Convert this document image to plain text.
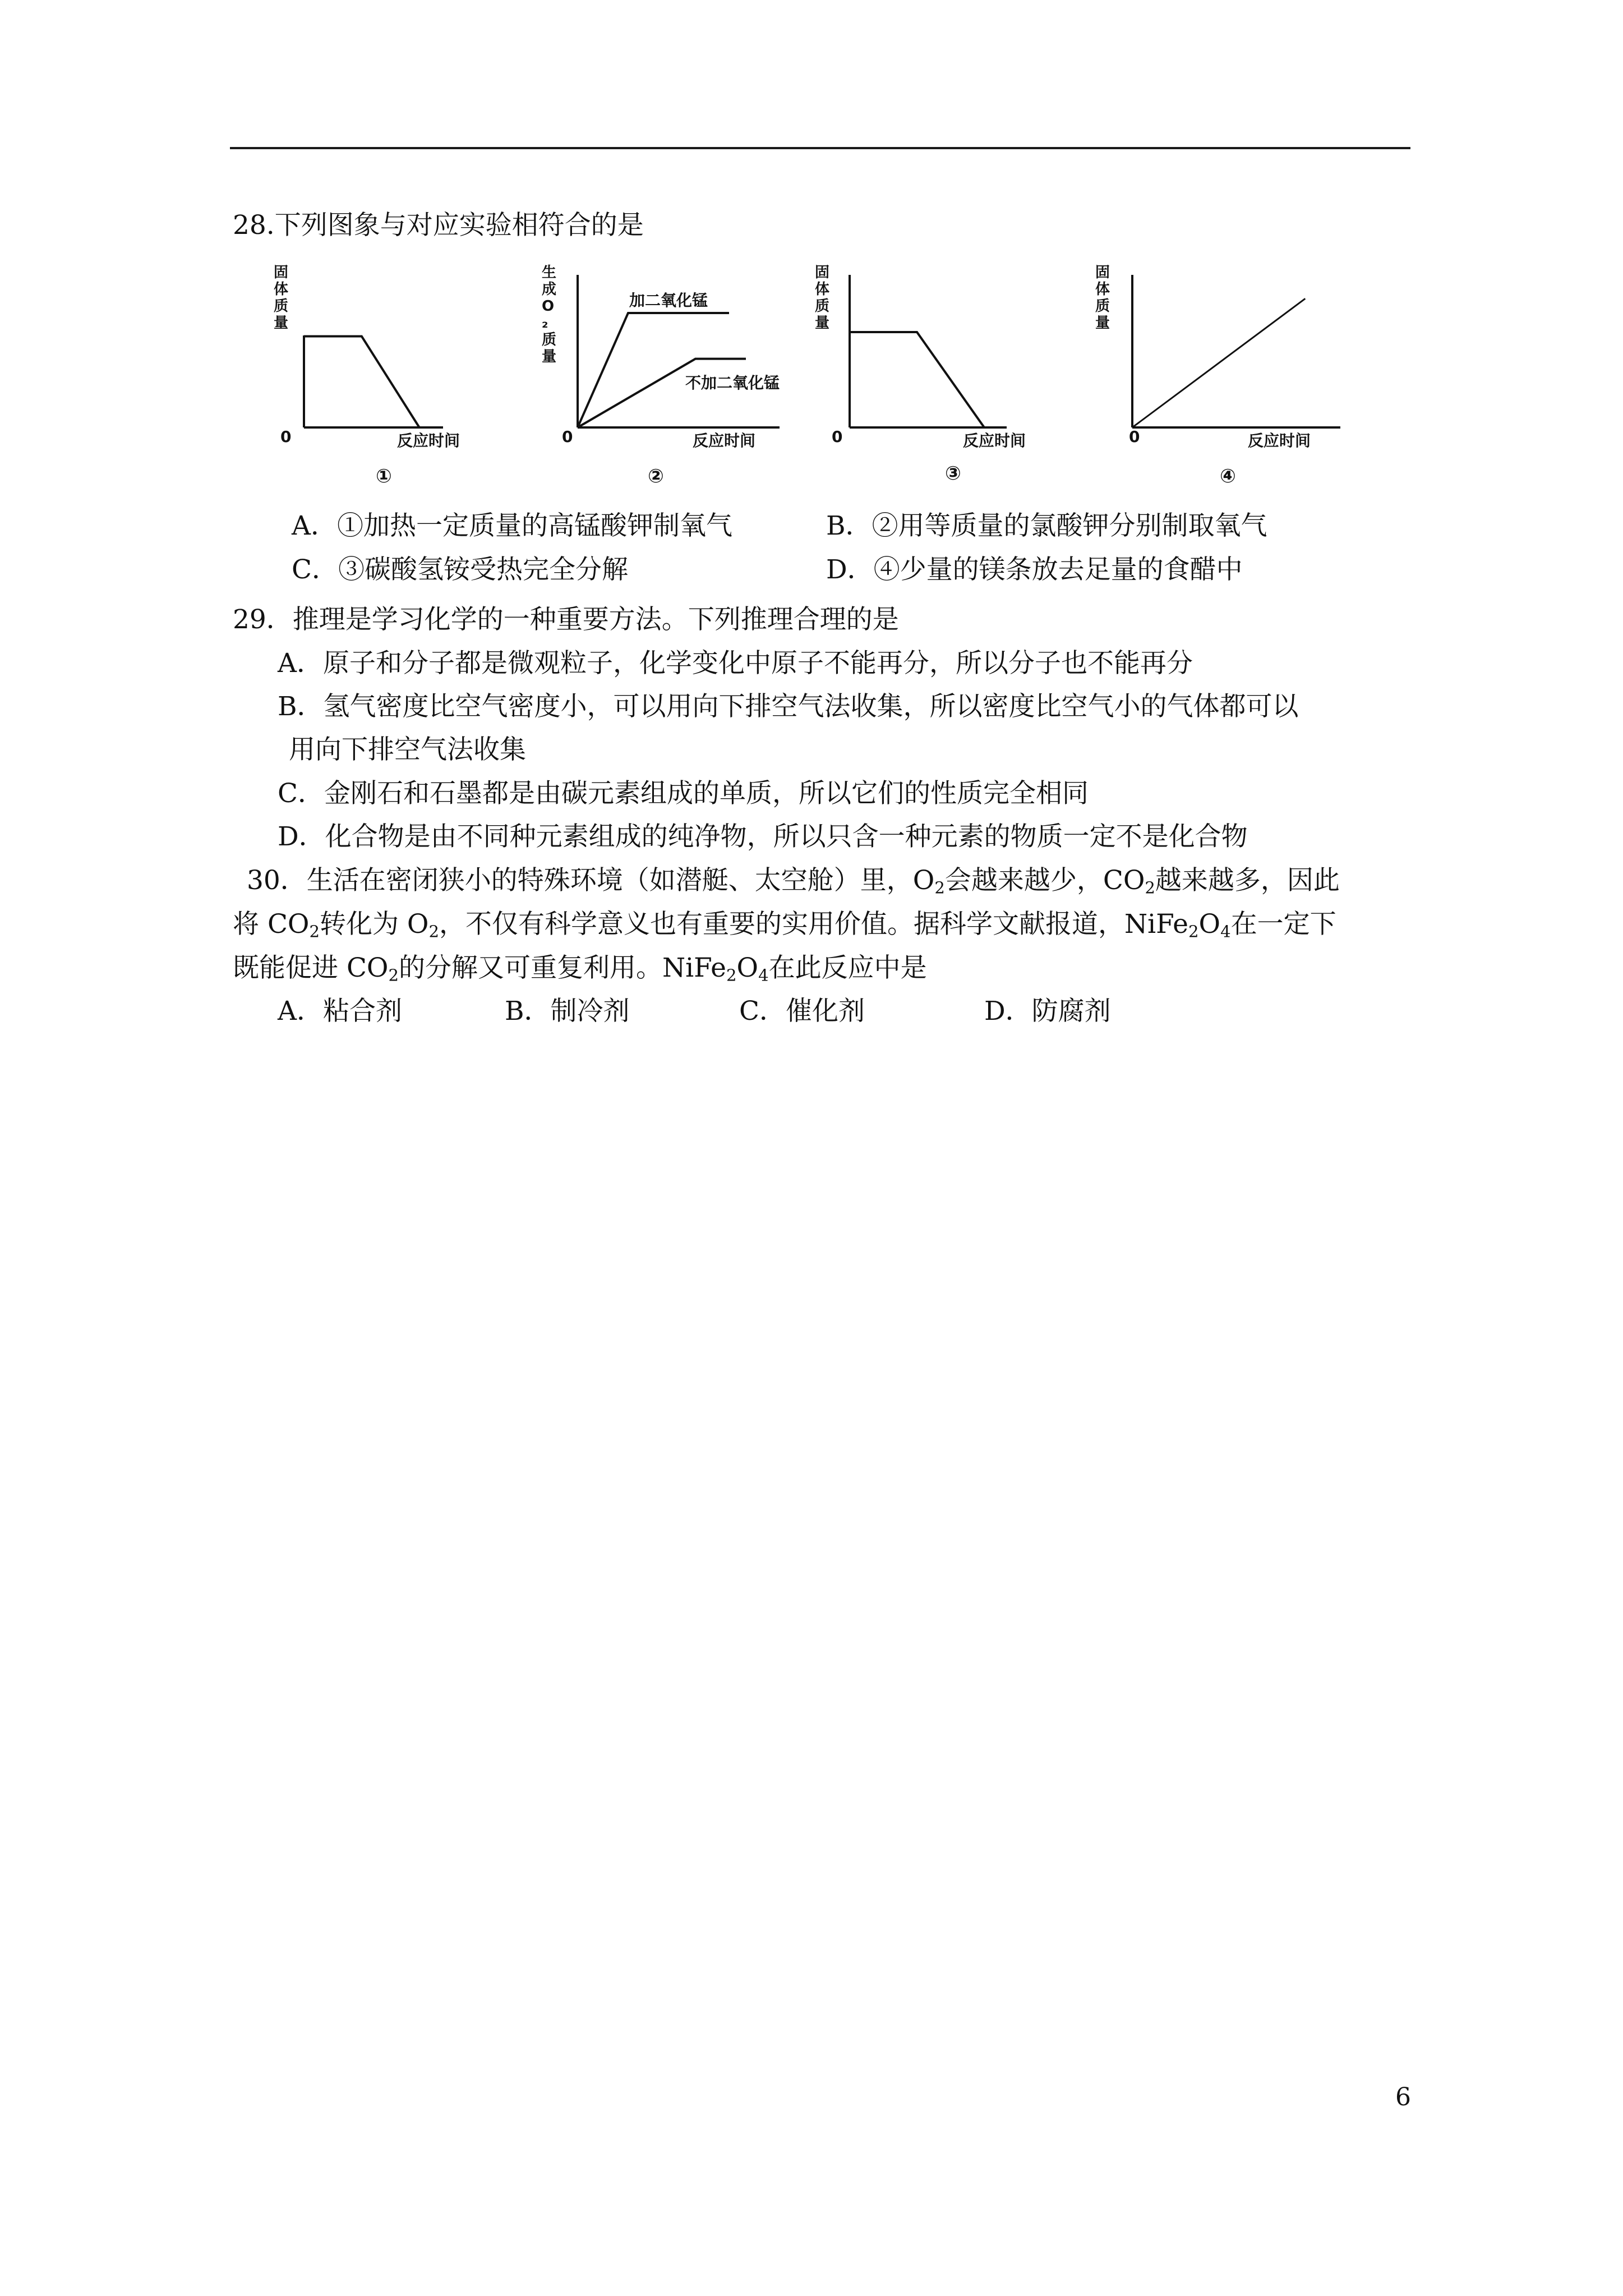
28.下列图象与对应实验相符合的是
固体质量
0	反应时间
①
生成 O ₂ 质量
加二氧化锰
不加二氧化锰
0	反应时间
②
固体质量
0	反应时间
③
固体质量
0	反应时间
④
A．①加热一定质量的高锰酸钾制氧气	B．②用等质量的氯酸钾分别制取氧气
C．③碳酸氢铵受热完全分解	D．④少量的镁条放去足量的食醋中
29．推理是学习化学的一种重要方法。下列推理合理的是
A．原子和分子都是微观粒子，化学变化中原子不能再分，所以分子也不能再分
B．氢气密度比空气密度小，可以用向下排空气法收集，所以密度比空气小的气体都可以
用向下排空气法收集
C．金刚石和石墨都是由碳元素组成的单质，所以它们的性质完全相同
D．化合物是由不同种元素组成的纯净物，所以只含一种元素的物质一定不是化合物
30．生活在密闭狭小的特殊环境（如潜艇、太空舱）里，$O_2$会越来越少，$CO_2$越来越多，因此
将 $CO_2$转化为 $O_2$，不仅有科学意义也有重要的实用价值。据科学文献报道，$NiFe_2O_4$在一定下
既能促进 $CO_2$的分解又可重复利用。$NiFe_2O_4$在此反应中是
A．粘合剂	B．制冷剂	C．催化剂	D．防腐剂
6
